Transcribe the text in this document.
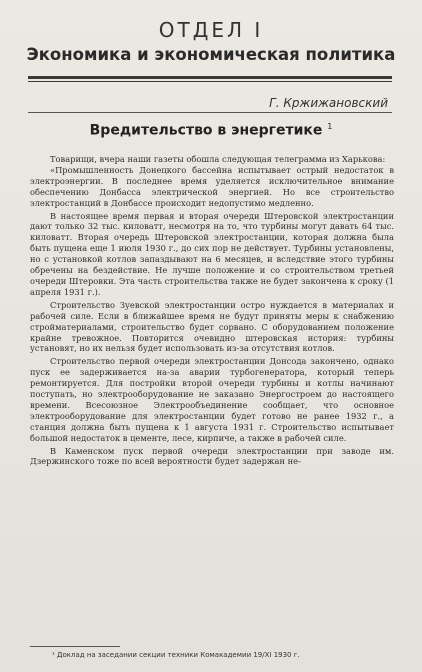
ОТДЕЛ I
Экономика и экономическая политика
Г. Кржижановский
Вредительство в энергетике $^1$

Товарищи, вчера наши газеты обошла следующая телеграмма из Харькова:

«Промышленность Донецкого бассейна испытывает острый недостаток в электроэнергии. В последнее время уделяется исключительное внимание обеспечению Донбасса электрической энергией. Но все строительство электростанций в Донбассе происходит недопустимо медленно.

В настоящее время первая и вторая очереди Штеровской электростанции дают только 32 тыс. киловатт, несмотря на то, что турбины могут давать 64 тыс. киловатт. Вторая очередь Штеровской электростанции, которая должна была быть пущена еще 1 июля 1930 г., до сих пор не действует. Турбины установлены, но с установкой котлов запаздывают на 6 месяцев, и вследствие этого турбины обречены на бездействие. Не лучше положение и со строительством третьей очереди Штеровки. Эта часть строительства также не будет закончена к сроку (1 апреля 1931 г.).

Строительство Зуевской электростанции остро нуждается в материалах и рабочей силе. Если в ближайшее время не будут приняты меры к снабжению стройматериалами, строительство будет сорвано. С оборудованием положение крайне тревожное. Повторится очевидно штеровская история: турбины установят, но их нельзя будет использовать из-за отсутствия котлов.

Строительство первой очереди электростанции Донсода закончено, однако пуск ее задерживается на-за аварии турбогенератора, который теперь ремонтируется. Для постройки второй очереди турбины и котлы начинают поступать, но электрооборудование не заказано Энергостроем до настоящего времени. Всесоюзное Электрообъединение сообщает, что основное электрооборудование для электростанции будет готово не ранее 1932 г., а станция должна быть пущена к 1 августа 1931 г. Строительство испытывает большой недостаток в цементе, лесе, кирпиче, а также в рабочей силе.

В Каменском пуск первой очереди электростанции при заводе им. Дзержинского тоже по всей вероятности будет задержан не-

¹ Доклад на заседании секции техники Комакадемии 19/XI 1930 г.
